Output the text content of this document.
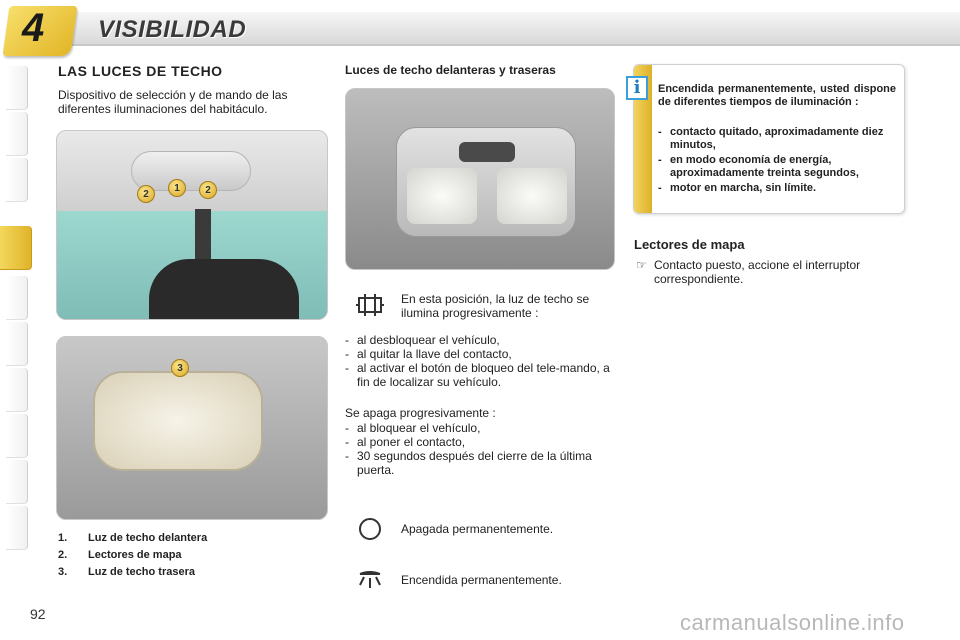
4 VISIBILIDAD
LAS LUCES DE TECHO
Dispositivo de selección y de mando de las diferentes iluminaciones del habitáculo.
2
1	2
3
1.	Luz de techo delantera
2.	Lectores de mapa
3.	Luz de techo trasera
92
Luces de techo delanteras y traseras
En esta posición, la luz de techo se ilumina progresivamente :
- al desbloquear el vehículo,
- al quitar la llave del contacto,
- al activar el botón de bloqueo del tele-mando, a fin de localizar su vehículo.
Se apaga progresivamente :
- al bloquear el vehículo,
- al poner el contacto,
- 30 segundos después del cierre de la última puerta.
Apagada permanentemente.
Encendida permanentemente.
i	Encendida permanentemente, usted dispone de diferentes tiempos de iluminación :
- contacto quitado, aproximadamente diez minutos,
- en modo economía de energía, aproximadamente treinta segundos,
- motor en marcha, sin límite.
Lectores de mapa
☞ Contacto puesto, accione el interruptor correspondiente.
carmanualsonline.info
